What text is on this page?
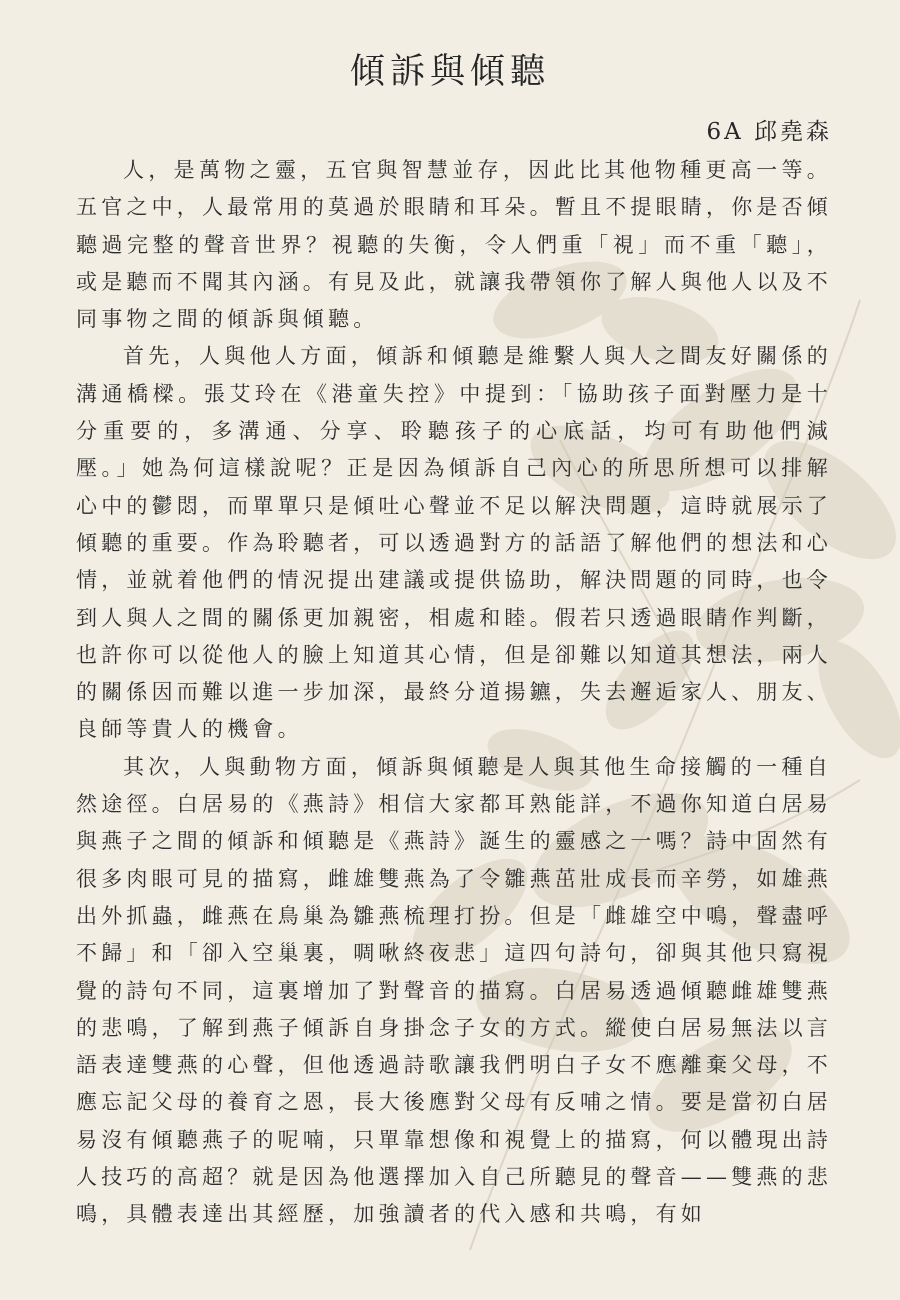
傾訴與傾聽
6A 邱堯森

人，是萬物之靈，五官與智慧並存，因此比其他物種更高一等。五官之中，人最常用的莫過於眼睛和耳朵。暫且不提眼睛，你是否傾聽過完整的聲音世界？視聽的失衡，令人們重「視」而不重「聽」，或是聽而不聞其內涵。有見及此，就讓我帶領你了解人與他人以及不同事物之間的傾訴與傾聽。

首先，人與他人方面，傾訴和傾聽是維繫人與人之間友好關係的溝通橋樑。張艾玲在《港童失控》中提到：「協助孩子面對壓力是十分重要的，多溝通、分享、聆聽孩子的心底話，均可有助他們減壓。」她為何這樣說呢？正是因為傾訴自己內心的所思所想可以排解心中的鬱悶，而單單只是傾吐心聲並不足以解決問題，這時就展示了傾聽的重要。作為聆聽者，可以透過對方的話語了解他們的想法和心情，並就着他們的情況提出建議或提供協助，解決問題的同時，也令到人與人之間的關係更加親密，相處和睦。假若只透過眼睛作判斷，也許你可以從他人的臉上知道其心情，但是卻難以知道其想法，兩人的關係因而難以進一步加深，最終分道揚鑣，失去邂逅家人、朋友、良師等貴人的機會。

其次，人與動物方面，傾訴與傾聽是人與其他生命接觸的一種自然途徑。白居易的《燕詩》相信大家都耳熟能詳，不過你知道白居易與燕子之間的傾訴和傾聽是《燕詩》誕生的靈感之一嗎？詩中固然有很多肉眼可見的描寫，雌雄雙燕為了令雛燕茁壯成長而辛勞，如雄燕出外抓蟲，雌燕在鳥巢為雛燕梳理打扮。但是「雌雄空中鳴，聲盡呼不歸」和「卻入空巢裏，啁啾終夜悲」這四句詩句，卻與其他只寫視覺的詩句不同，這裏增加了對聲音的描寫。白居易透過傾聽雌雄雙燕的悲鳴，了解到燕子傾訴自身掛念子女的方式。縱使白居易無法以言語表達雙燕的心聲，但他透過詩歌讓我們明白子女不應離棄父母，不應忘記父母的養育之恩，長大後應對父母有反哺之情。要是當初白居易沒有傾聽燕子的呢喃，只單靠想像和視覺上的描寫，何以體現出詩人技巧的高超？就是因為他選擇加入自己所聽見的聲音——雙燕的悲鳴，具體表達出其經歷，加強讀者的代入感和共鳴，有如
